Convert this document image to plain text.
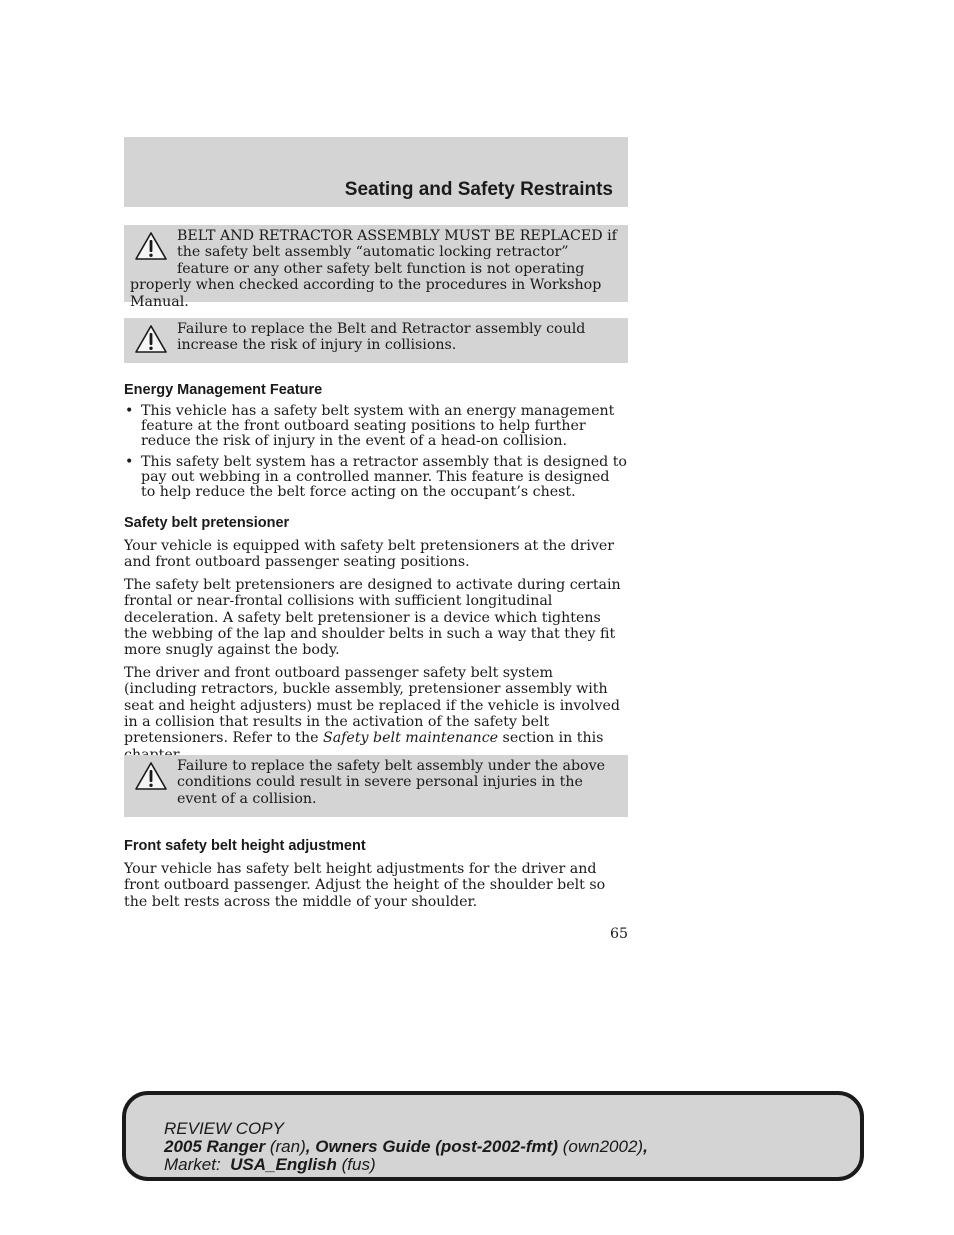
Seating and Safety Restraints

BELT AND RETRACTOR ASSEMBLY MUST BE REPLACED if the safety belt assembly “automatic locking retractor” feature or any other safety belt function is not operating properly when checked according to the procedures in Workshop Manual.

Failure to replace the Belt and Retractor assembly could increase the risk of injury in collisions.

Energy Management Feature
• This vehicle has a safety belt system with an energy management feature at the front outboard seating positions to help further reduce the risk of injury in the event of a head-on collision.
• This safety belt system has a retractor assembly that is designed to pay out webbing in a controlled manner. This feature is designed to help reduce the belt force acting on the occupant’s chest.
Safety belt pretensioner

Your vehicle is equipped with safety belt pretensioners at the driver and front outboard passenger seating positions.

The safety belt pretensioners are designed to activate during certain frontal or near-frontal collisions with sufficient longitudinal deceleration. A safety belt pretensioner is a device which tightens the webbing of the lap and shoulder belts in such a way that they fit more snugly against the body.

The driver and front outboard passenger safety belt system (including retractors, buckle assembly, pretensioner assembly with seat and height adjusters) must be replaced if the vehicle is involved in a collision that results in the activation of the safety belt pretensioners. Refer to the Safety belt maintenance section in this

Failure to replace the safety belt assembly under the above conditions could result in severe personal injuries in the event of a collision.

Front safety belt height adjustment

Your vehicle has safety belt height adjustments for the driver and front outboard passenger. Adjust the height of the shoulder belt so the belt rests across the middle of your shoulder.

65
REVIEW COPY
2005 Ranger (ran), Owners Guide (post-2002-fmt) (own2002),
Market: USA_English (fus)
